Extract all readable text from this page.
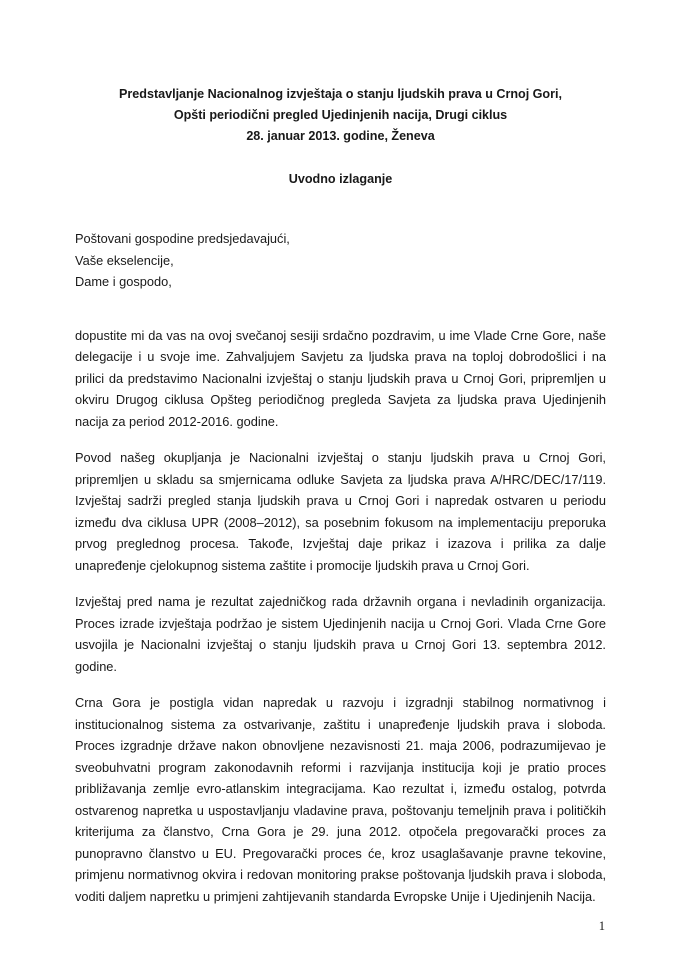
Predstavljanje Nacionalnog izvještaja o stanju ljudskih prava u Crnoj Gori,
Opšti periodični pregled Ujedinjenih nacija, Drugi ciklus
28. januar 2013. godine, Ženeva
Uvodno izlaganje
Poštovani gospodine predsjedavajući,
Vaše ekselencije,
Dame i gospodo,

dopustite mi da vas na ovoj svečanoj sesiji srdačno pozdravim, u ime Vlade Crne Gore, naše delegacije i u svoje ime. Zahvaljujem Savjetu za ljudska prava na toploj dobrodošlici i na prilici da predstavimo Nacionalni izvještaj o stanju ljudskih prava u Crnoj Gori, pripremljen u okviru Drugog ciklusa Opšteg periodičnog pregleda Savjeta za ljudska prava Ujedinjenih nacija za period 2012-2016. godine.

Povod našeg okupljanja je Nacionalni izvještaj o stanju ljudskih prava u Crnoj Gori, pripremljen u skladu sa smjernicama odluke Savjeta za ljudska prava A/HRC/DEC/17/119. Izvještaj sadrži pregled stanja ljudskih prava u Crnoj Gori i napredak ostvaren u periodu između dva ciklusa UPR (2008–2012), sa posebnim fokusom na implementaciju preporuka prvog preglednog procesa. Takođe, Izvještaj daje prikaz i izazova i prilika za dalje unapređenje cjelokupnog sistema zaštite i promocije ljudskih prava u Crnoj Gori.

Izvještaj pred nama je rezultat zajedničkog rada državnih organa i nevladinih organizacija. Proces izrade izvještaja podržao je sistem Ujedinjenih nacija u Crnoj Gori. Vlada Crne Gore usvojila je Nacionalni izvještaj o stanju ljudskih prava u Crnoj Gori 13. septembra 2012. godine.

Crna Gora je postigla vidan napredak u razvoju i izgradnji stabilnog normativnog i institucionalnog sistema za ostvarivanje, zaštitu i unapređenje ljudskih prava i sloboda. Proces izgradnje države nakon obnovljene nezavisnosti 21. maja 2006, podrazumijevao je sveobuhvatni program zakonodavnih reformi i razvijanja institucija koji je pratio proces približavanja zemlje evro-atlanskim integracijama. Kao rezultat i, između ostalog, potvrda ostvarenog napretka u uspostavljanju vladavine prava, poštovanju temeljnih prava i političkih kriterijuma za članstvo, Crna Gora je 29. juna 2012. otpočela pregovarački proces za punopravno članstvo u EU. Pregovarački proces će, kroz usaglašavanje pravne tekovine, primjenu normativnog okvira i redovan monitoring prakse poštovanja ljudskih prava i sloboda, voditi daljem napretku u primjeni zahtijevanih standarda Evropske Unije i Ujedinjenih Nacija.

1
